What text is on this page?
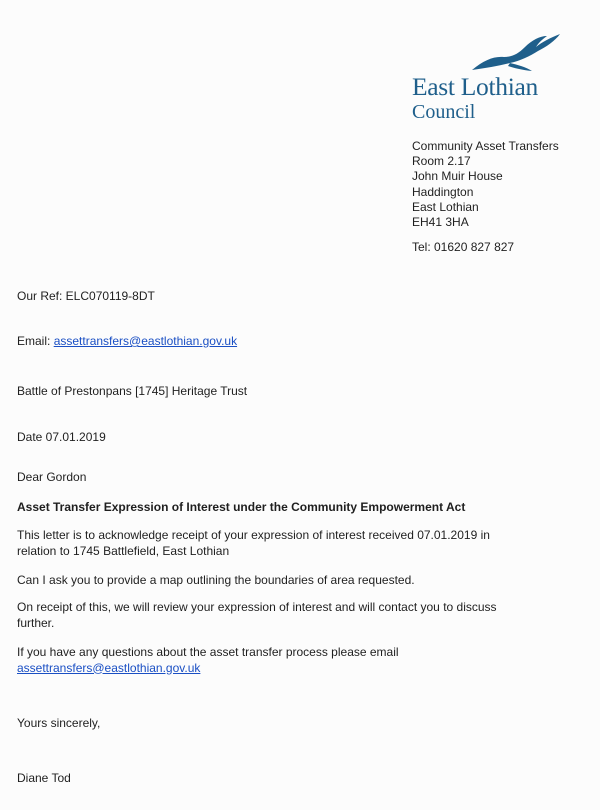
East Lothian

Council

Community Asset Transfers
Room 2.17
John Muir House
Haddington
East Lothian
EH41 3HA
Tel: 01620 827 827

Our Ref: ELC070119-8DT

Email: assettransfers@eastlothian.gov.uk

Battle of Prestonpans [1745] Heritage Trust

Date 07.01.2019

Dear Gordon

Asset Transfer Expression of Interest under the Community Empowerment Act

This letter is to acknowledge receipt of your expression of interest received 07.01.2019 in
relation to 1745 Battlefield, East Lothian

Can I ask you to provide a map outlining the boundaries of area requested.

On receipt of this, we will review your expression of interest and will contact you to discuss
further.

If you have any questions about the asset transfer process please email
assettransfers@eastlothian.gov.uk

Yours sincerely,

Diane Tod
